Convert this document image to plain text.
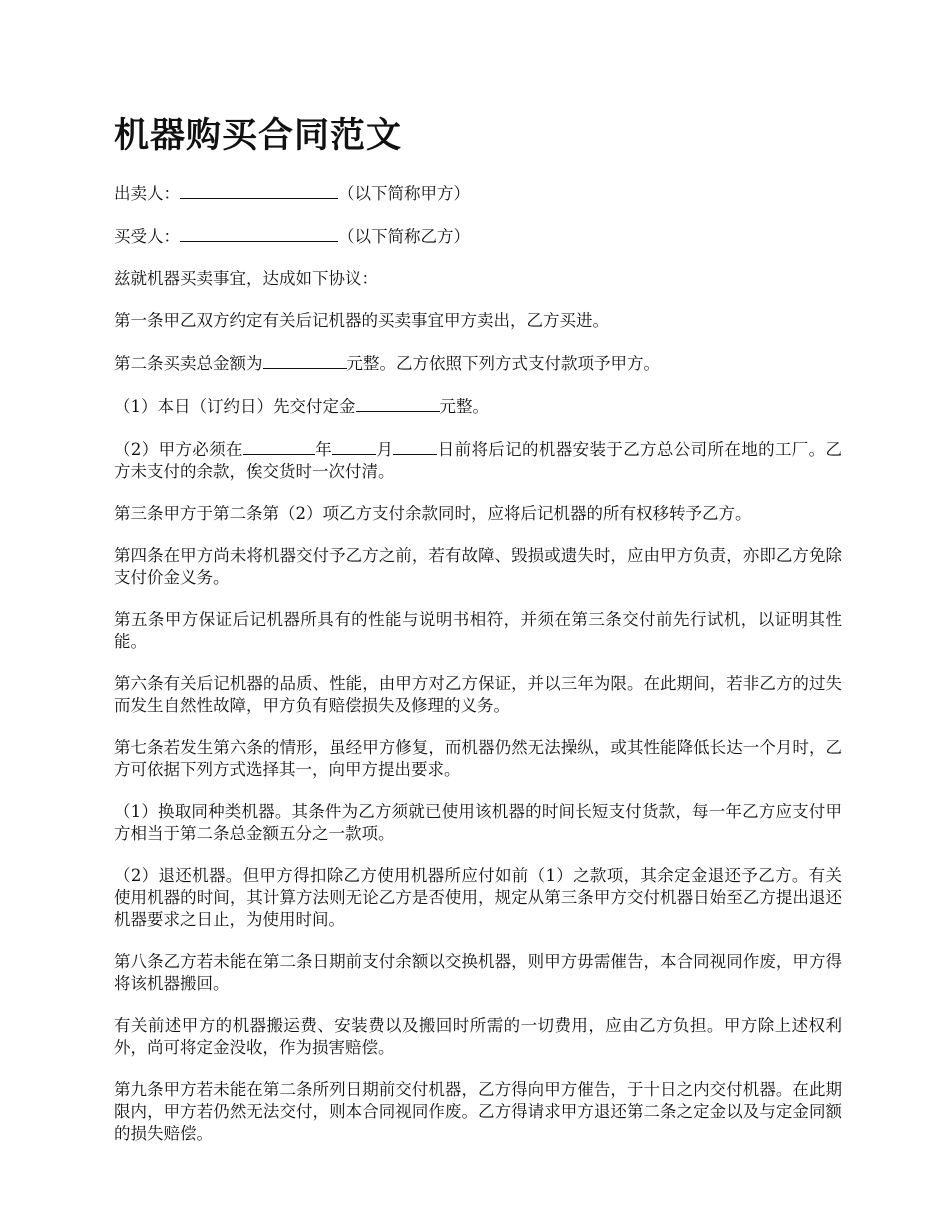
机器购买合同范文

出卖人：	（以下简称甲方）

买受人：	（以下简称乙方）

兹就机器买卖事宜，达成如下协议：

第一条甲乙双方约定有关后记机器的买卖事宜甲方卖出，乙方买进。

第二条买卖总金额为	元整。乙方依照下列方式支付款项予甲方。

（1）本日（订约日）先交付定金	元整。

（2）甲方必须在	年	月	日前将后记的机器安装于乙方总公司所在地的工厂。乙方未支付的余款，俟交货时一次付清。

第三条甲方于第二条第（2）项乙方支付余款同时，应将后记机器的所有权移转予乙方。

第四条在甲方尚未将机器交付予乙方之前，若有故障、毁损或遗失时，应由甲方负责，亦即乙方免除支付价金义务。

第五条甲方保证后记机器所具有的性能与说明书相符，并须在第三条交付前先行试机，以证明其性能。

第六条有关后记机器的品质、性能，由甲方对乙方保证，并以三年为限。在此期间，若非乙方的过失而发生自然性故障，甲方负有赔偿损失及修理的义务。

第七条若发生第六条的情形，虽经甲方修复，而机器仍然无法操纵，或其性能降低长达一个月时，乙方可依据下列方式选择其一，向甲方提出要求。

（1）换取同种类机器。其条件为乙方须就已使用该机器的时间长短支付货款，每一年乙方应支付甲方相当于第二条总金额五分之一款项。

（2）退还机器。但甲方得扣除乙方使用机器所应付如前（1）之款项，其余定金退还予乙方。有关使用机器的时间，其计算方法则无论乙方是否使用，规定从第三条甲方交付机器日始至乙方提出退还机器要求之日止，为使用时间。

第八条乙方若未能在第二条日期前支付余额以交换机器，则甲方毋需催告，本合同视同作废，甲方得将该机器搬回。

有关前述甲方的机器搬运费、安装费以及搬回时所需的一切费用，应由乙方负担。甲方除上述权利外，尚可将定金没收，作为损害赔偿。

第九条甲方若未能在第二条所列日期前交付机器，乙方得向甲方催告，于十日之内交付机器。在此期限内，甲方若仍然无法交付，则本合同视同作废。乙方得请求甲方退还第二条之定金以及与定金同额的损失赔偿。
